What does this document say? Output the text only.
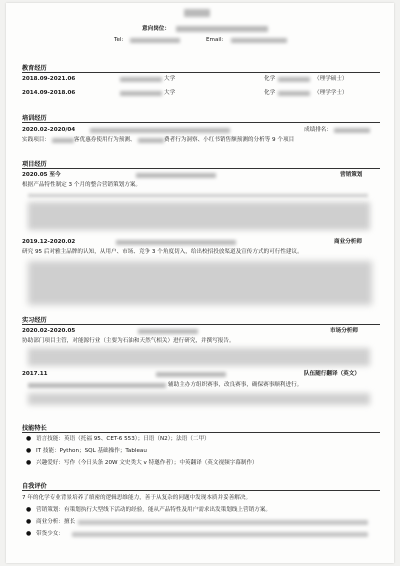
意向岗位：
Tel:	Email:
教育经历
2018.09-2021.06	大学	化学	（理学硕士）
2014.09-2018.06	大学	化学	（理学学士）
培训经历
2020.02-2020/04	成绩排名：
实践项目：	客优惠券使用行为预测、	费者行为洞察、小红书销售额预测的分析等 9 个项目
项目经历
2020.05 至今	营销策划
根据产品特性制定 3 个月的整合营销策划方案。
2019.12-2020.02	商业分析师
研究 95 后对雅主品牌的认知，从用户、市场、竞争 3 个角度切入，给出校招投放渠道及宣传方式的可行性建议。
实习经历
2020.02-2020.05	市场分析师
协助部门项目主管，对能源行业（主要为石油和天然气相关）进行研究，并撰写报告。
2017.11	队伍随行翻译（英文）
辅助主办方组织赛事，改良赛事，确保赛事顺利进行。
技能特长
● 语言技能：英语（托福 95、CET-6 553）；日语（N2）；法语（二甲）
● IT 技能：Python；SQL 基础操作；Tableau
● 兴趣爱好：写作（今日头条 20W 文史类大 v 特邀作者）；中英翻译（英文视频字幕制作）
自我评价
7 年的化学专业背景培养了缜密的逻辑思维能力，善于从复杂的问题中发现本质并妥善解决。
● 营销策划：有策划执行大型线下活动的经验，能从产品特性及用户需求出发策划线上营销方案。
● 商业分析：擅长
● 带货少女：
